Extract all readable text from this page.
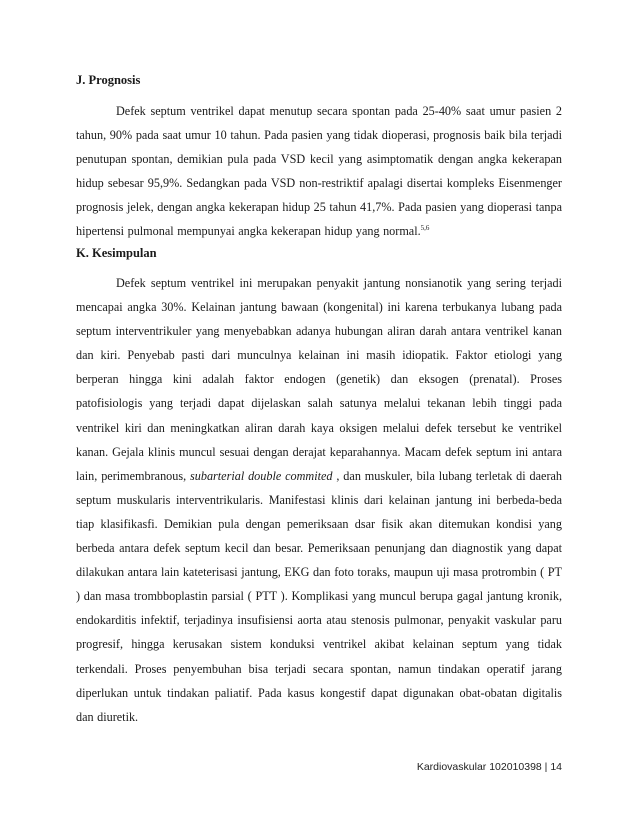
J. Prognosis

Defek septum ventrikel dapat menutup secara spontan pada 25-40% saat umur pasien 2 tahun, 90% pada saat umur 10 tahun. Pada pasien yang tidak dioperasi, prognosis baik bila terjadi penutupan spontan, demikian pula pada VSD kecil yang asimptomatik dengan angka kekerapan hidup sebesar 95,9%. Sedangkan pada VSD non-restriktif apalagi disertai kompleks Eisenmenger prognosis jelek, dengan angka kekerapan hidup 25 tahun 41,7%. Pada pasien yang dioperasi tanpa hipertensi pulmonal mempunyai angka kekerapan hidup yang normal.$^{5,6}$

K. Kesimpulan

Defek septum ventrikel ini merupakan penyakit jantung nonsianotik yang sering terjadi mencapai angka 30%. Kelainan jantung bawaan (kongenital) ini karena terbukanya lubang pada septum interventrikuler yang menyebabkan adanya hubungan aliran darah antara ventrikel kanan dan kiri. Penyebab pasti dari munculnya kelainan ini masih idiopatik. Faktor etiologi yang berperan hingga kini adalah faktor endogen (genetik) dan eksogen (prenatal). Proses patofisiologis yang terjadi dapat dijelaskan salah satunya melalui tekanan lebih tinggi pada ventrikel kiri dan meningkatkan aliran darah kaya oksigen melalui defek tersebut ke ventrikel kanan. Gejala klinis muncul sesuai dengan derajat keparahannya. Macam defek septum ini antara lain, perimembranous, subarterial double commited , dan muskuler, bila lubang terletak di daerah septum muskularis interventrikularis. Manifestasi klinis dari kelainan jantung ini berbeda-beda tiap klasifikasfi. Demikian pula dengan pemeriksaan dsar fisik akan ditemukan kondisi yang berbeda antara defek septum kecil dan besar. Pemeriksaan penunjang dan diagnostik yang dapat dilakukan antara lain kateterisasi jantung, EKG dan foto toraks, maupun uji masa protrombin ( PT ) dan masa trombboplastin parsial ( PTT ). Komplikasi yang muncul berupa gagal jantung kronik, endokarditis infektif, terjadinya insufisiensi aorta atau stenosis pulmonar, penyakit vaskular paru progresif, hingga kerusakan sistem konduksi ventrikel akibat kelainan septum yang tidak terkendali. Proses penyembuhan bisa terjadi secara spontan, namun tindakan operatif jarang diperlukan untuk tindakan paliatif. Pada kasus kongestif dapat digunakan obat-obatan digitalis dan diuretik.

Kardiovaskular 102010398 | 14
